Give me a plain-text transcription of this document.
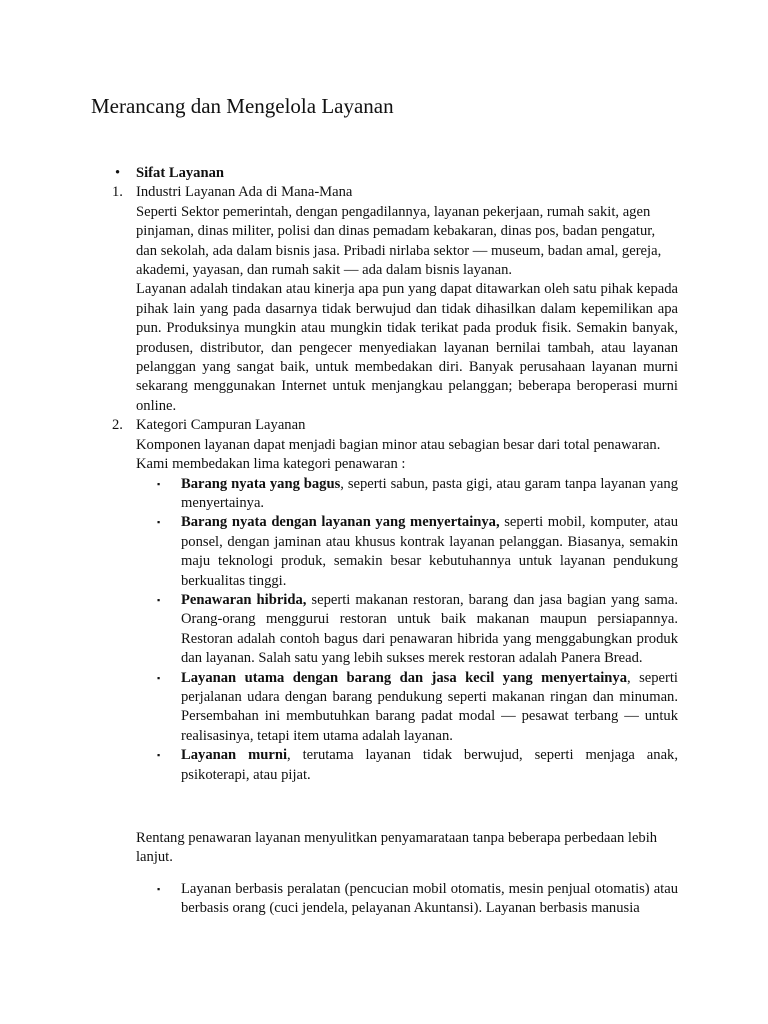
Merancang dan Mengelola Layanan
• Sifat Layanan
1. Industri Layanan Ada di Mana-Mana
Seperti Sektor pemerintah, dengan pengadilannya, layanan pekerjaan, rumah sakit, agen pinjaman, dinas militer, polisi dan dinas pemadam kebakaran, dinas pos, badan pengatur, dan sekolah, ada dalam bisnis jasa. Pribadi nirlaba sektor — museum, badan amal, gereja, akademi, yayasan, dan rumah sakit — ada dalam bisnis layanan.
Layanan adalah tindakan atau kinerja apa pun yang dapat ditawarkan oleh satu pihak kepada pihak lain yang pada dasarnya tidak berwujud dan tidak dihasilkan dalam kepemilikan apa pun. Produksinya mungkin atau mungkin tidak terikat pada produk fisik. Semakin banyak, produsen, distributor, dan pengecer menyediakan layanan bernilai tambah, atau layanan pelanggan yang sangat baik, untuk membedakan diri. Banyak perusahaan layanan murni sekarang menggunakan Internet untuk menjangkau pelanggan; beberapa beroperasi murni online.
2. Kategori Campuran Layanan
Komponen layanan dapat menjadi bagian minor atau sebagian besar dari total penawaran.
Kami membedakan lima kategori penawaran :
▪ Barang nyata yang bagus, seperti sabun, pasta gigi, atau garam tanpa layanan yang menyertainya.
▪ Barang nyata dengan layanan yang menyertainya, seperti mobil, komputer, atau ponsel, dengan jaminan atau khusus kontrak layanan pelanggan. Biasanya, semakin maju teknologi produk, semakin besar kebutuhannya untuk layanan pendukung berkualitas tinggi.
▪ Penawaran hibrida, seperti makanan restoran, barang dan jasa bagian yang sama. Orang-orang menggurui restoran untuk baik makanan maupun persiapannya. Restoran adalah contoh bagus dari penawaran hibrida yang menggabungkan produk dan layanan. Salah satu yang lebih sukses merek restoran adalah Panera Bread.
▪ Layanan utama dengan barang dan jasa kecil yang menyertainya, seperti perjalanan udara dengan barang pendukung seperti makanan ringan dan minuman. Persembahan ini membutuhkan barang padat modal — pesawat terbang — untuk realisasinya, tetapi item utama adalah layanan.
▪ Layanan murni, terutama layanan tidak berwujud, seperti menjaga anak, psikoterapi, atau pijat.
Rentang penawaran layanan menyulitkan penyamarataan tanpa beberapa perbedaan lebih lanjut.
▪ Layanan berbasis peralatan (pencucian mobil otomatis, mesin penjual otomatis) atau berbasis orang (cuci jendela, pelayanan Akuntansi). Layanan berbasis manusia
